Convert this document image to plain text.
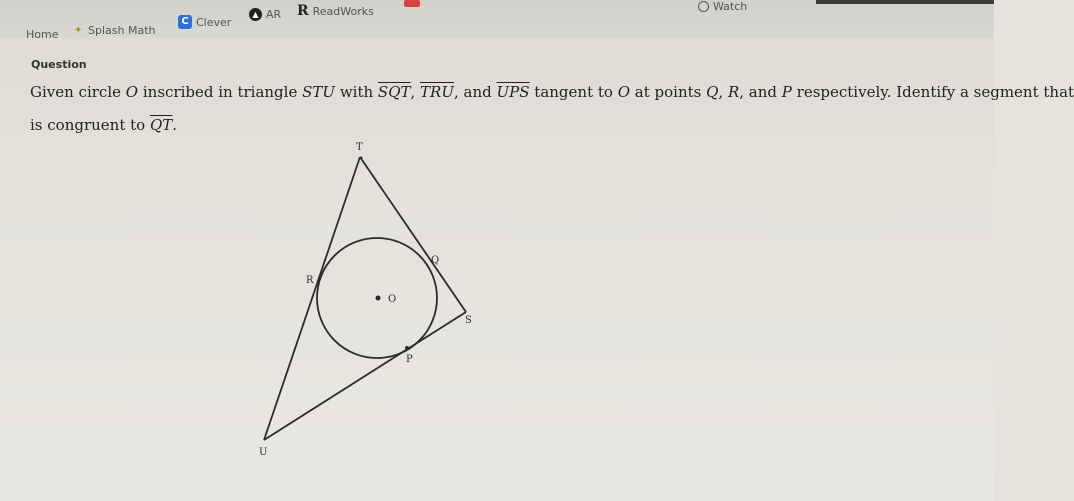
Home ✦ Splash Math
C Clever
▲ AR R ReadWorks	Watch
Question
Given circle O inscribed in triangle STU with $\overline{SQT}$, $\overline{TRU}$, and $\overline{UPS}$ tangent to O at points Q, R, and P respectively. Identify a segment that
is congruent to $\overline{QT}$.
T
Q
R
O
S
P
U
